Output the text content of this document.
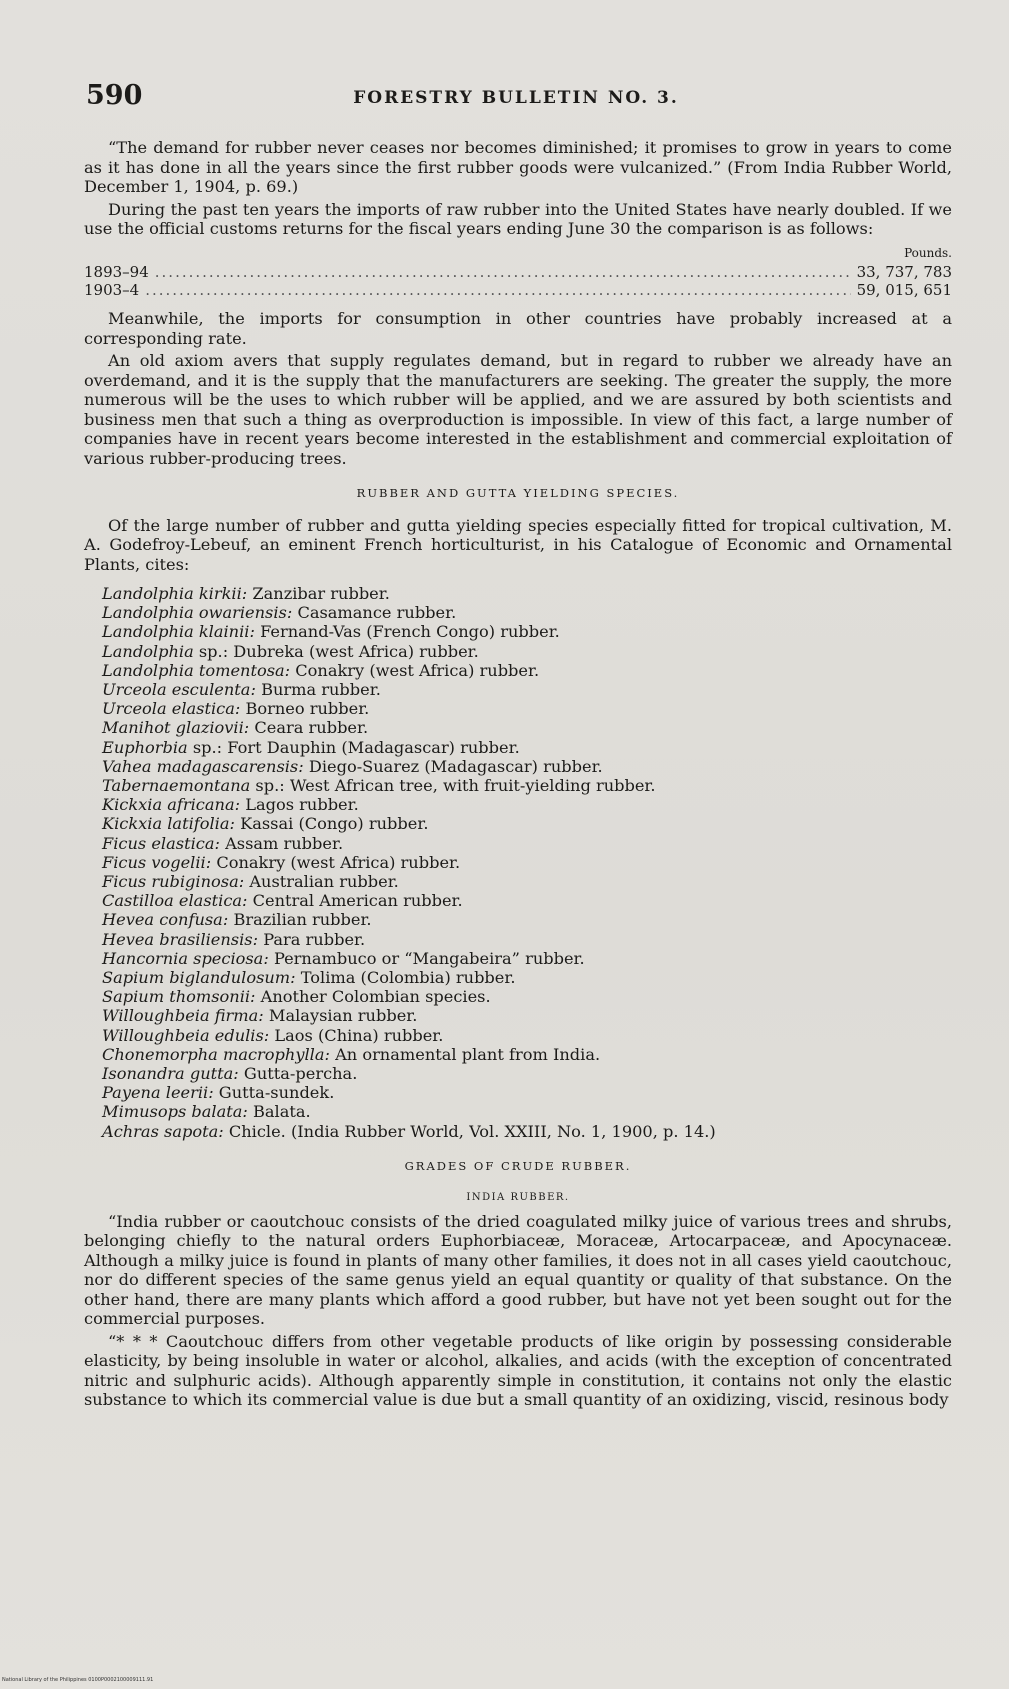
590	FORESTRY BULLETIN NO. 3.

“The demand for rubber never ceases nor becomes diminished; it promises to grow in years to come as it has done in all the years since the first rubber goods were vulcanized.” (From India Rubber World, December 1, 1904, p. 69.)

During the past ten years the imports of raw rubber into the United States have nearly doubled. If we use the official customs returns for the fiscal years ending June 30 the comparison is as follows:

Pounds.
1893–94 .....	33, 737, 783
1903–4 .....	59, 015, 651

Meanwhile, the imports for consumption in other countries have probably increased at a corresponding rate.

An old axiom avers that supply regulates demand, but in regard to rubber we already have an overdemand, and it is the supply that the manufacturers are seeking. The greater the supply, the more numerous will be the uses to which rubber will be applied, and we are assured by both scientists and business men that such a thing as overproduction is impossible. In view of this fact, a large number of companies have in recent years become interested in the establishment and commercial exploitation of various rubber-producing trees.

RUBBER AND GUTTA YIELDING SPECIES.

Of the large number of rubber and gutta yielding species especially fitted for tropical cultivation, M. A. Godefroy-Lebeuf, an eminent French horticulturist, in his Catalogue of Economic and Ornamental Plants, cites:

Landolphia kirkii: Zanzibar rubber.
Landolphia owariensis: Casamance rubber.
Landolphia klainii: Fernand-Vas (French Congo) rubber.
Landolphia sp.: Dubreka (west Africa) rubber.
Landolphia tomentosa: Conakry (west Africa) rubber.
Urceola esculenta: Burma rubber.
Urceola elastica: Borneo rubber.
Manihot glaziovii: Ceara rubber.
Euphorbia sp.: Fort Dauphin (Madagascar) rubber.
Vahea madagascarensis: Diego-Suarez (Madagascar) rubber.
Tabernaemontana sp.: West African tree, with fruit-yielding rubber.
Kickxia africana: Lagos rubber.
Kickxia latifolia: Kassai (Congo) rubber.
Ficus elastica: Assam rubber.
Ficus vogelii: Conakry (west Africa) rubber.
Ficus rubiginosa: Australian rubber.
Castilloa elastica: Central American rubber.
Hevea confusa: Brazilian rubber.
Hevea brasiliensis: Para rubber.
Hancornia speciosa: Pernambuco or “Mangabeira” rubber.
Sapium biglandulosum: Tolima (Colombia) rubber.
Sapium thomsonii: Another Colombian species.
Willoughbeia firma: Malaysian rubber.
Willoughbeia edulis: Laos (China) rubber.
Chonemorpha macrophylla: An ornamental plant from India.
Isonandra gutta: Gutta-percha.
Payena leerii: Gutta-sundek.
Mimusops balata: Balata.
Achras sapota: Chicle. (India Rubber World, Vol. XXIII, No. 1, 1900, p. 14.)
GRADES OF CRUDE RUBBER.
INDIA RUBBER.

“India rubber or caoutchouc consists of the dried coagulated milky juice of various trees and shrubs, belonging chiefly to the natural orders Euphorbiaceæ, Moraceæ, Artocarpaceæ, and Apocynaceæ. Although a milky juice is found in plants of many other families, it does not in all cases yield caoutchouc, nor do different species of the same genus yield an equal quantity or quality of that substance. On the other hand, there are many plants which afford a good rubber, but have not yet been sought out for the commercial purposes.

“* * * Caoutchouc differs from other vegetable products of like origin by possessing considerable elasticity, by being insoluble in water or alcohol, alkalies, and acids (with the exception of concentrated nitric and sulphuric acids). Although apparently simple in constitution, it contains not only the elastic substance to which its commercial value is due but a small quantity of an oxidizing, viscid, resinous body

National Library of the Philippines 0100P0002100009111.91
